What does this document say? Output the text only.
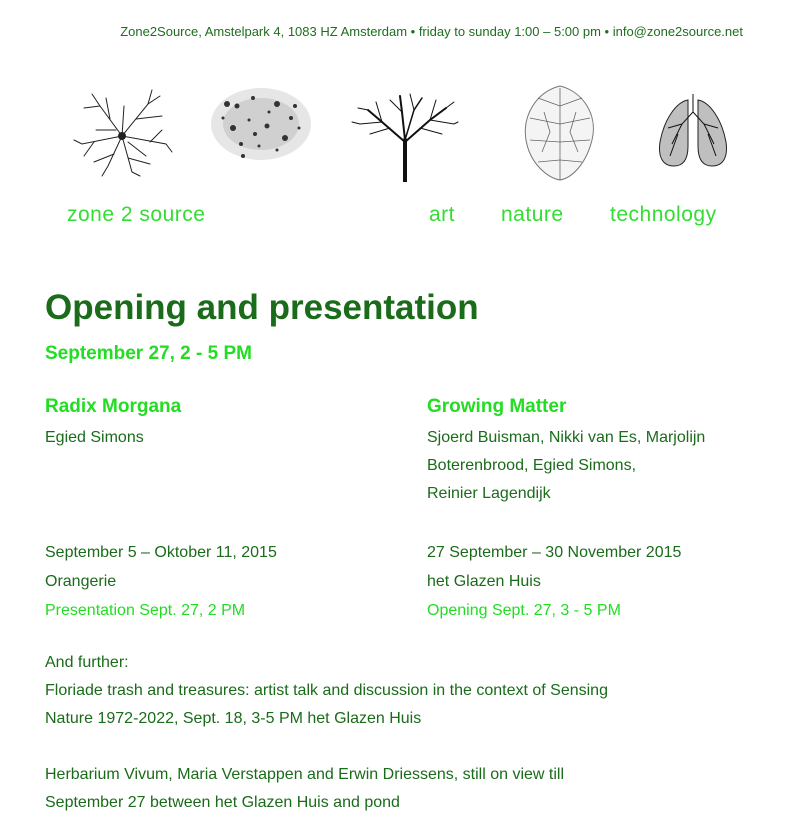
Zone2Source, Amstelpark 4, 1083 HZ Amsterdam • friday to sunday 1:00 – 5:00 pm • info@zone2source.net
zone 2 source	art nature technology
Opening and presentation
September 27, 2 - 5 PM
Radix Morgana
Egied Simons
Growing Matter
Sjoerd Buisman, Nikki van Es, Marjolijn
Boterenbrood, Egied Simons,
Reinier Lagendijk
September 5 – Oktober 11, 2015
Orangerie
Presentation Sept. 27, 2 PM
27 September – 30 November 2015
het Glazen Huis
Opening Sept. 27, 3 - 5 PM

And further:

Floriade trash and treasures: artist talk and discussion in the context of Sensing

Nature 1972-2022, Sept. 18, 3-5 PM het Glazen Huis

Herbarium Vivum, Maria Verstappen and Erwin Driessens, still on view till

September 27 between het Glazen Huis and pond
